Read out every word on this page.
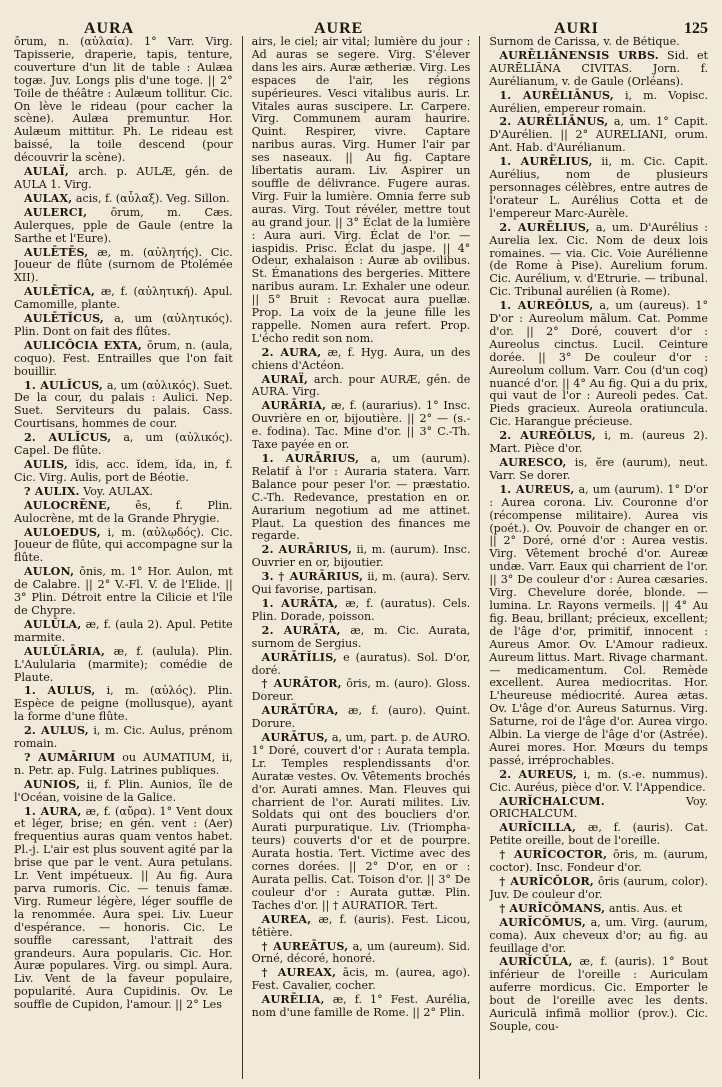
AURA	AURE	AURI	125

ōrum, n. (αὐλαία). 1° Varr. Virg. Tapisserie, draperie, tapis, tenture, couverture d'un lit de table : Aulæa togæ. Juv. Longs plis d'une toge. || 2° Toile de théâtre : Aulæum tollitur. Cic. On lève le rideau (pour cacher la scène). Aulæa premuntur. Hor. Aulæum mittitur. Ph. Le rideau est baissé, la toile descend (pour découvrir la scène).

AULAÏ, arch. p. AULÆ, gén. de AULA 1. Virg.

AULAX, acis, f. (αὖλαξ). Veg. Sillon.

AULERCI, ōrum, m. Cæs. Aulerques, pple de Gaule (entre la Sarthe et l'Eure).

AULĒTĒS, æ, m. (αὐλητής). Cic. Joueur de flûte (surnom de Ptolémée XII).

AULĒTĬCA, æ, f. (αὐλητική). Apul. Camomille, plante.

AULĒTĬCUS, a, um (αὐλητικός). Plin. Dont on fait des flûtes.

AULICŎCIA EXTA, ōrum, n. (aula, coquo). Fest. Entrailles que l'on fait bouillir.

1. AULĬCUS, a, um (αὐλικός). Suet. De la cour, du palais : Aulici. Nep. Suet. Serviteurs du palais. Cass. Courtisans, hommes de cour.

2. AULĬCUS, a, um (αὐλικός). Capel. De flûte.

AULIS, ĭdis, acc. ĭdem, ĭda, in, f. Cic. Virg. Aulis, port de Béotie.

? AULIX. Voy. AULAX.

AULOCRĒNE, ēs, f. Plin. Aulocrène, mt de la Grande Phrygie.

AULOEDUS, i, m. (αὐλῳδός). Cic. Joueur de flûte, qui accompagne sur la flûte.

AULON, ōnis, m. 1° Hor. Aulon, mt de Calabre. || 2° V.-Fl. V. de l'Elide. || 3° Plin. Détroit entre la Cilicie et l'île de Chypre.

AULŬLA, æ, f. (aula 2). Apul. Petite marmite.

AULŬLĀRIA, æ, f. (aulula). Plin. L'Aulularia (marmite); comédie de Plaute.

1. AULUS, i, m. (αὐλός). Plin. Espèce de peigne (mollusque), ayant la forme d'une flûte.

2. AULUS, i, m. Cic. Aulus, prénom romain.

? AUMĀRIUM ou AUMATIUM, ii, n. Petr. ap. Fulg. Latrines publiques.

AUNIOS, ii, f. Plin. Aunios, île de l'Océan, voisine de la Galice.

1. AURA, æ, f. (αὔρα). 1° Vent doux et léger, brise; en gén. vent : (Aer) frequentius auras quam ventos habet. Pl.-j. L'air est plus souvent agité par la brise que par le vent. Aura petulans. Lr. Vent impétueux. || Au fig. Aura parva rumoris. Cic. — tenuis famæ. Virg. Rumeur légère, léger souffle de la renommée. Aura spei. Liv. Lueur d'espérance. — honoris. Cic. Le souffle caressant, l'attrait des grandeurs. Aura popularis. Cic. Hor. Auræ populares. Virg. ou simpl. Aura. Liv. Vent de la faveur populaire, popularité. Aura Cupidinis. Ov. Le souffle de Cupidon, l'amour. || 2° Les

airs, le ciel; air vital; lumière du jour : Ad auras se segere. Virg. S'élever dans les airs. Auræ ætheriæ. Virg. Les espaces de l'air, les régions supérieures. Vesci vitalibus auris. Lr. Vitales auras suscipere. Lr. Carpere. Virg. Communem auram haurire. Quint. Respirer, vivre. Captare naribus auras. Virg. Humer l'air par ses naseaux. || Au fig. Captare libertatis auram. Liv. Aspirer un souffle de délivrance. Fugere auras. Virg. Fuir la lumière. Omnia ferre sub auras. Virg. Tout révéler, mettre tout au grand jour. || 3° Éclat de la lumière : Aura auri. Virg. Éclat de l'or. — iaspidis. Prisc. Éclat du jaspe. || 4° Odeur, exhalaison : Auræ ab ovilibus. St. Émanations des bergeries. Mittere naribus auram. Lr. Exhaler une odeur. || 5° Bruit : Revocat aura puellæ. Prop. La voix de la jeune fille les rappelle. Nomen aura refert. Prop. L'écho redit son nom.

2. AURA, æ, f. Hyg. Aura, un des chiens d'Actéon.

AURAÏ, arch. pour AURÆ, gén. de AURA. Virg.

AURĀRIA, æ, f. (aurarius). 1° Insc. Ouvrière en or, bijoutière. || 2° — (s.-e. fodina). Tac. Mine d'or. || 3° C.-Th. Taxe payée en or.

1. AURĀRIUS, a, um (aurum). Relatif à l'or : Auraria statera. Varr. Balance pour peser l'or. — præstatio. C.-Th. Redevance, prestation en or. Aurarium negotium ad me attinet. Plaut. La question des finances me regarde.

2. AURĀRIUS, ii, m. (aurum). Insc. Ouvrier en or, bijoutier.

3. † AURĀRIUS, ii, m. (aura). Serv. Qui favorise, partisan.

1. AURĀTA, æ, f. (auratus). Cels. Plin. Dorade, poisson.

2. AURĀTA, æ, m. Cic. Aurata, surnom de Sergius.

AURĀTĬLIS, e (auratus). Sol. D'or, doré.

† AURĀTOR, ōris, m. (auro). Gloss. Doreur.

AURĀTŪRA, æ, f. (auro). Quint. Dorure.

AURĀTUS, a, um, part. p. de AURO. 1° Doré, couvert d'or : Aurata templa. Lr. Temples resplendissants d'or. Auratæ vestes. Ov. Vêtements brochés d'or. Aurati amnes. Man. Fleuves qui charrient de l'or. Aurati milites. Liv. Soldats qui ont des boucliers d'or. Aurati purpuratique. Liv. (Triompha-teurs) couverts d'or et de pourpre. Aurata hostia. Tert. Victime avec des cornes dorées. || 2° D'or, en or : Aurata pellis. Cat. Toison d'or. || 3° De couleur d'or : Aurata guttæ. Plin. Taches d'or. || † AURATIOR. Tert.

AUREA, æ, f. (auris). Fest. Licou, têtière.

† AUREĀTUS, a, um (aureum). Sid. Orné, décoré, honoré.

† AUREAX, ācis, m. (aurea, ago). Fest. Cavalier, cocher.

AURĒLIA, æ, f. 1° Fest. Aurélia, nom d'une famille de Rome. || 2° Plin.

Surnom de Carissa, v. de Bétique.

AURĒLIĀNENSIS URBS. Sid. et AURĒLIĀNA CIVITAS. Jorn. f. Aurélianum, v. de Gaule (Orléans).

1. AURĒLIĀNUS, i, m. Vopisc. Aurélien, empereur romain.

2. AURĒLIĀNUS, a, um. 1° Capit. D'Aurélien. || 2° AURELIANI, orum. Ant. Hab. d'Aurélianum.

1. AURĒLIUS, ii, m. Cic. Capit. Aurélius, nom de plusieurs personnages célèbres, entre autres de l'orateur L. Aurélius Cotta et de l'empereur Marc-Aurèle.

2. AURĒLIUS, a, um. D'Aurélius : Aurelia lex. Cic. Nom de deux lois romaines. — via. Cic. Voie Aurélienne (de Rome à Pise). Aurelium forum. Cic. Aurélium, v. d'Etrurie. — tribunal. Cic. Tribunal aurélien (à Rome).

1. AUREŎLUS, a, um (aureus). 1° D'or : Aureolum mālum. Cat. Pomme d'or. || 2° Doré, couvert d'or : Aureolus cinctus. Lucil. Ceinture dorée. || 3° De couleur d'or : Aureolum collum. Varr. Cou (d'un coq) nuancé d'or. || 4° Au fig. Qui a du prix, qui vaut de l'or : Aureoli pedes. Cat. Pieds gracieux. Aureola oratiuncula. Cic. Harangue précieuse.

2. AUREŎLUS, i, m. (aureus 2). Mart. Pièce d'or.

AURESCO, is, ĕre (aurum), neut. Varr. Se dorer.

1. AUREUS, a, um (aurum). 1° D'or : Aurea corona. Liv. Couronne d'or (récompense militaire). Aurea vis (poét.). Ov. Pouvoir de changer en or. || 2° Doré, orné d'or : Aurea vestis. Virg. Vêtement broché d'or. Aureæ undæ. Varr. Eaux qui charrient de l'or. || 3° De couleur d'or : Aurea cæsaries. Virg. Chevelure dorée, blonde. — lumina. Lr. Rayons vermeils. || 4° Au fig. Beau, brillant; précieux, excellent; de l'âge d'or, primitif, innocent : Aureus Amor. Ov. L'Amour radieux. Aureum littus. Mart. Rivage charmant. — medicamentum. Col. Remède excellent. Aurea mediocritas. Hor. L'heureuse médiocrité. Aurea ætas. Ov. L'âge d'or. Aureus Saturnus. Virg. Saturne, roi de l'âge d'or. Aurea virgo. Albin. La vierge de l'âge d'or (Astrée). Aurei mores. Hor. Mœurs du temps passé, irréprochables.

2. AUREUS, i, m. (s.-e. nummus). Cic. Auréus, pièce d'or. V. l'Appendice.

AURĬCHALCUM.	Voy. ORICHALCUM.

AURĬCILLA, æ, f. (auris). Cat. Petite oreille, bout de l'oreille.

† AURĬCOCTOR, ōris, m. (aurum, coctor). Insc. Fondeur d'or.

† AURĬCŎLOR, ōris (aurum, color). Juv. De couleur d'or.

† AURĬCŎMANS, antis. Aus. et

AURĬCŎMUS, a, um. Virg. (aurum, coma). Aux cheveux d'or; au fig. au feuillage d'or.

AURĬCŬLA, æ, f. (auris). 1° Bout inférieur de l'oreille : Auriculam auferre mordicus. Cic. Emporter le bout de l'oreille avec les dents. Auriculā infimā mollior (prov.). Cic. Souple, cou-
